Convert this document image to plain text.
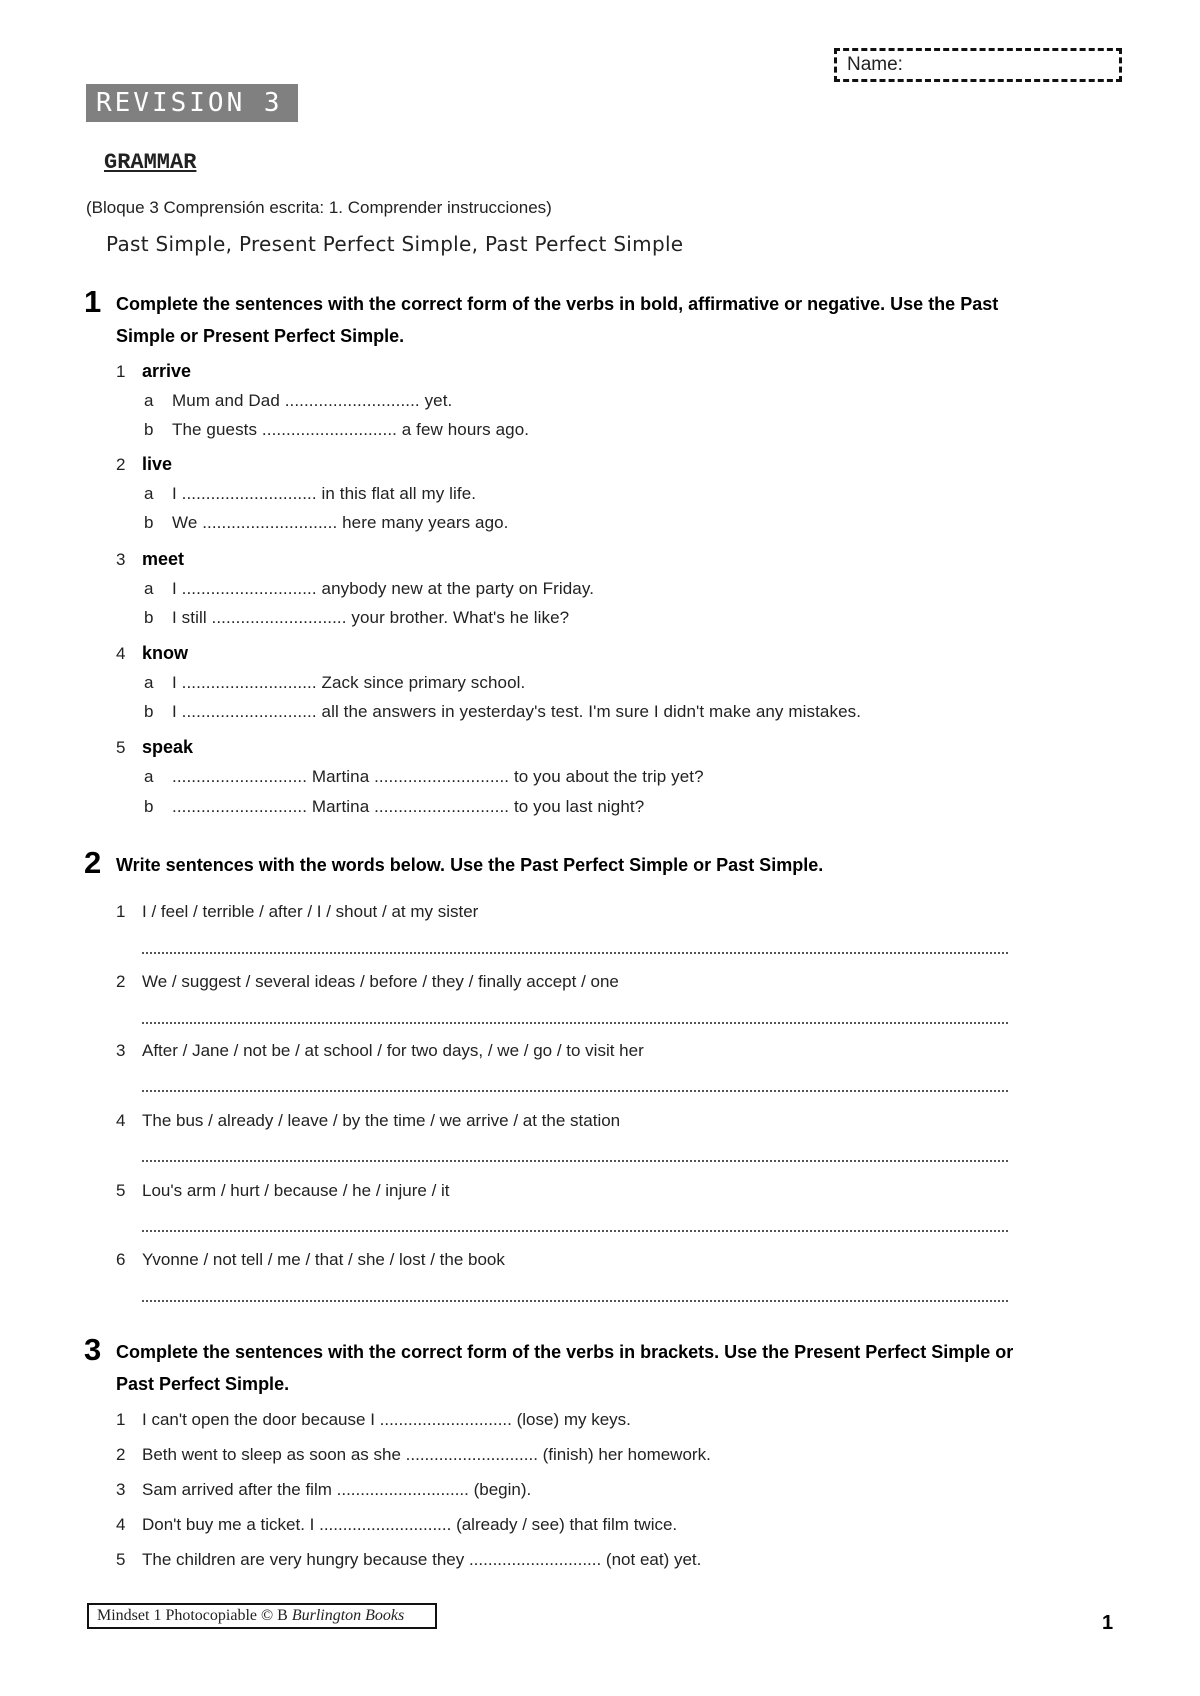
Name:
REVISION 3
GRAMMAR
(Bloque 3 Comprensión escrita: 1. Comprender instrucciones)
Past Simple, Present Perfect Simple, Past Perfect Simple
1 Complete the sentences with the correct form of the verbs in bold, affirmative or negative. Use the Past Simple or Present Perfect Simple.
1 arrive
a Mum and Dad ............................ yet.
b The guests ............................ a few hours ago.
2 live
a I ............................ in this flat all my life.
b We ............................ here many years ago.
3 meet
a I ............................ anybody new at the party on Friday.
b I still ............................ your brother. What's he like?
4 know
a I ............................ Zack since primary school.
b I ............................ all the answers in yesterday's test. I'm sure I didn't make any mistakes.
5 speak
a ............................ Martina ............................ to you about the trip yet?
b ............................ Martina ............................ to you last night?
2 Write sentences with the words below. Use the Past Perfect Simple or Past Simple.
1 I / feel / terrible / after / I / shout / at my sister
2 We / suggest / several ideas / before / they / finally accept / one
3 After / Jane / not be / at school / for two days, / we / go / to visit her
4 The bus / already / leave / by the time / we arrive / at the station
5 Lou's arm / hurt / because / he / injure / it
6 Yvonne / not tell / me / that / she / lost / the book
3 Complete the sentences with the correct form of the verbs in brackets. Use the Present Perfect Simple or Past Perfect Simple.
1 I can't open the door because I ............................ (lose) my keys.
2 Beth went to sleep as soon as she ............................ (finish) her homework.
3 Sam arrived after the film ............................ (begin).
4 Don't buy me a ticket. I ............................ (already / see) that film twice.
5 The children are very hungry because they ............................ (not eat) yet.
Mindset 1 Photocopiable © B Burlington Books	1
